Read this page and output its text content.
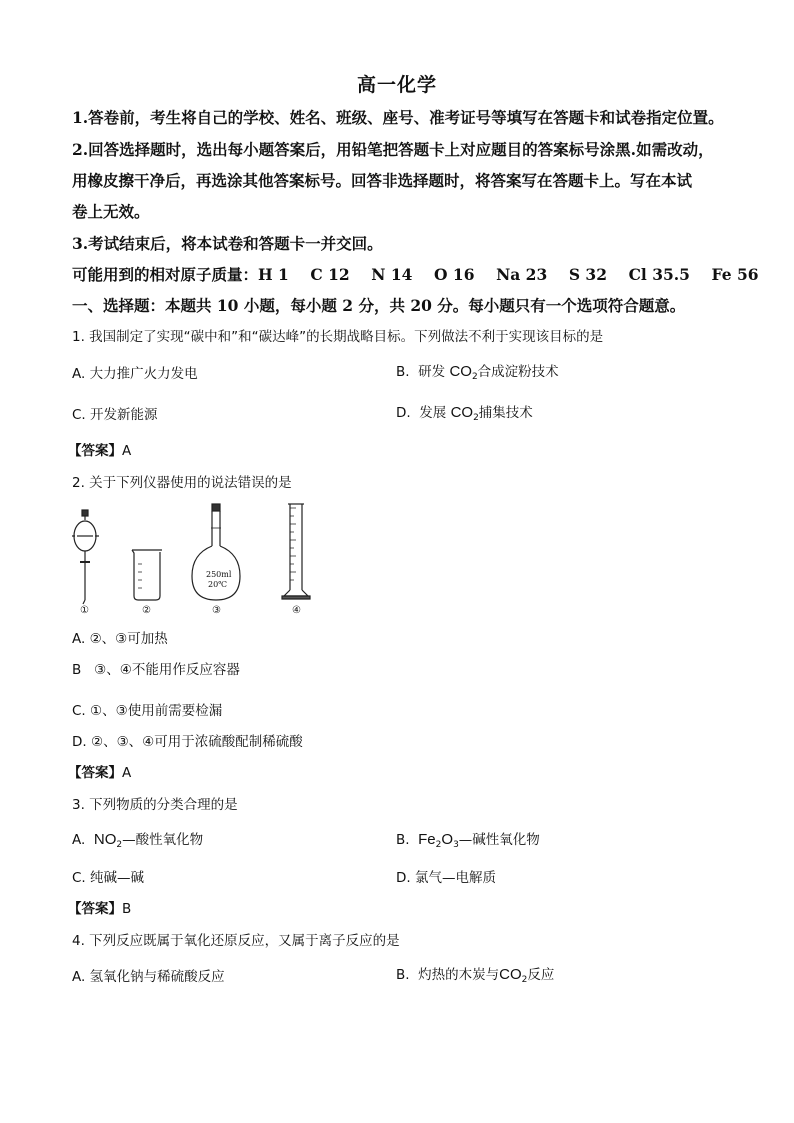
高一化学
1.答卷前，考生将自己的学校、姓名、班级、座号、准考证号等填写在答题卡和试卷指定位置。
2.回答选择题时，选出每小题答案后，用铅笔把答题卡上对应题目的答案标号涂黑.如需改动，
用橡皮擦干净后，再选涂其他答案标号。回答非选择题时，将答案写在答题卡上。写在本试
卷上无效。
3.考试结束后，将本试卷和答题卡一并交回。
可能用到的相对原子质量：H 1    C 12    N 14    O 16    Na 23    S 32    Cl 35.5    Fe 56
一、选择题：本题共 10 小题，每小题 2 分，共 20 分。每小题只有一个选项符合题意。
1. 我国制定了实现“碳中和”和“碳达峰”的长期战略目标。下列做法不利于实现该目标的是
A. 大力推广火力发电	B.  研发 $CO_2$合成淀粉技术
C. 开发新能源	D.  发展 $CO_2$捕集技术
【答案】A
2. 关于下列仪器使用的说法错误的是
①	②
250ml
20℃
③	④
A. ②、③可加热
B   ③、④不能用作反应容器
C. ①、③使用前需要检漏
D. ②、③、④可用于浓硫酸配制稀硫酸
【答案】A
3. 下列物质的分类合理的是
A.  $NO_2—$酸性氧化物	B.  $Fe_2O_3—$碱性氧化物
C. 纯碱—碱	D. 氯气—电解质
【答案】B
4. 下列反应既属于氧化还原反应，又属于离子反应的是
A. 氢氧化钠与稀硫酸反应	B.  灼热的木炭与$CO_2$反应
